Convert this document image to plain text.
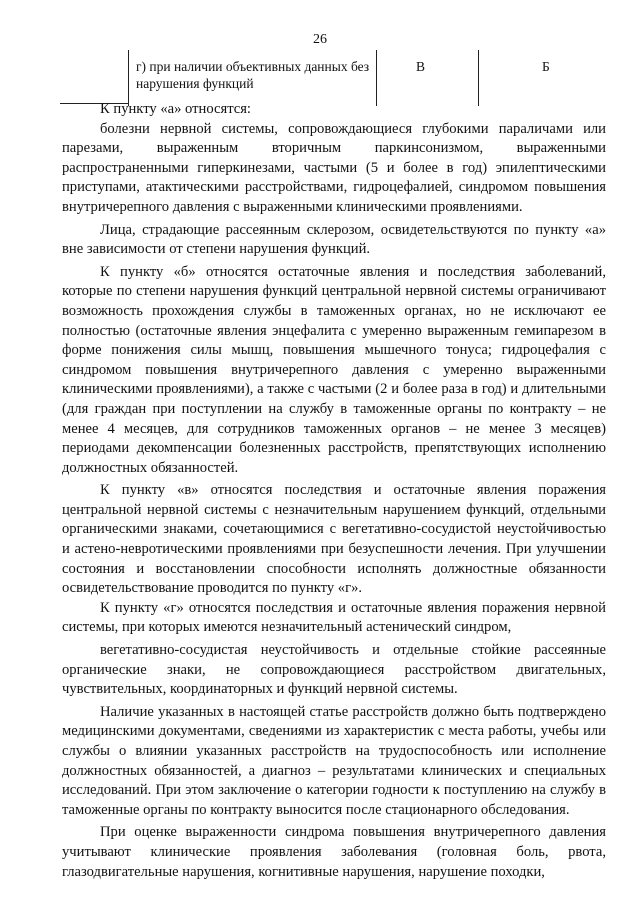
26
г) при наличии объективных данных без нарушения функций
В	Б

К пункту «а» относятся:

болезни нервной системы, сопровождающиеся глубокими параличами или парезами, выраженным вторичным паркинсонизмом, выраженными распространенными гиперкинезами, частыми (5 и более в год) эпилептическими приступами, атактическими расстройствами, гидроцефалией, синдромом повышения внутричерепного давления с выраженными клиническими проявлениями.

Лица, страдающие рассеянным склерозом, освидетельствуются по пункту «а» вне зависимости от степени нарушения функций.

К пункту «б» относятся остаточные явления и последствия заболеваний, которые по степени нарушения функций центральной нервной системы ограничивают возможность прохождения службы в таможенных органах, но не исключают ее полностью (остаточные явления энцефалита с умеренно выраженным гемипарезом в форме понижения силы мышц, повышения мышечного тонуса; гидроцефалия с синдромом повышения внутричерепного давления с умеренно выраженными клиническими проявлениями), а также с частыми (2 и более раза в год) и длительными (для граждан при поступлении на службу в таможенные органы по контракту – не менее 4 месяцев, для сотрудников таможенных органов – не менее 3 месяцев) периодами декомпенсации болезненных расстройств, препятствующих исполнению должностных обязанностей.

К пункту «в» относятся последствия и остаточные явления поражения центральной нервной системы с незначительным нарушением функций, отдельными органическими знаками, сочетающимися с вегетативно-сосудистой неустойчивостью и астено-невротическими проявлениями при безуспешности лечения. При улучшении состояния и восстановлении способности исполнять должностные обязанности освидетельствование проводится по пункту «г».

К пункту «г» относятся последствия и остаточные явления поражения нервной системы, при которых имеются незначительный астенический синдром,

вегетативно-сосудистая неустойчивость и отдельные стойкие рассеянные органические знаки, не сопровождающиеся расстройством двигательных, чувствительных, координаторных и функций нервной системы.

Наличие указанных в настоящей статье расстройств должно быть подтверждено медицинскими документами, сведениями из характеристик с места работы, учебы или службы о влиянии указанных расстройств на трудоспособность или исполнение должностных обязанностей, а диагноз – результатами клинических и специальных исследований. При этом заключение о категории годности к поступлению на службу в таможенные органы по контракту выносится после стационарного обследования.

При оценке выраженности синдрома повышения внутричерепного давления учитывают клинические проявления заболевания (головная боль, рвота, глазодвигательные нарушения, когнитивные нарушения, нарушение походки,
